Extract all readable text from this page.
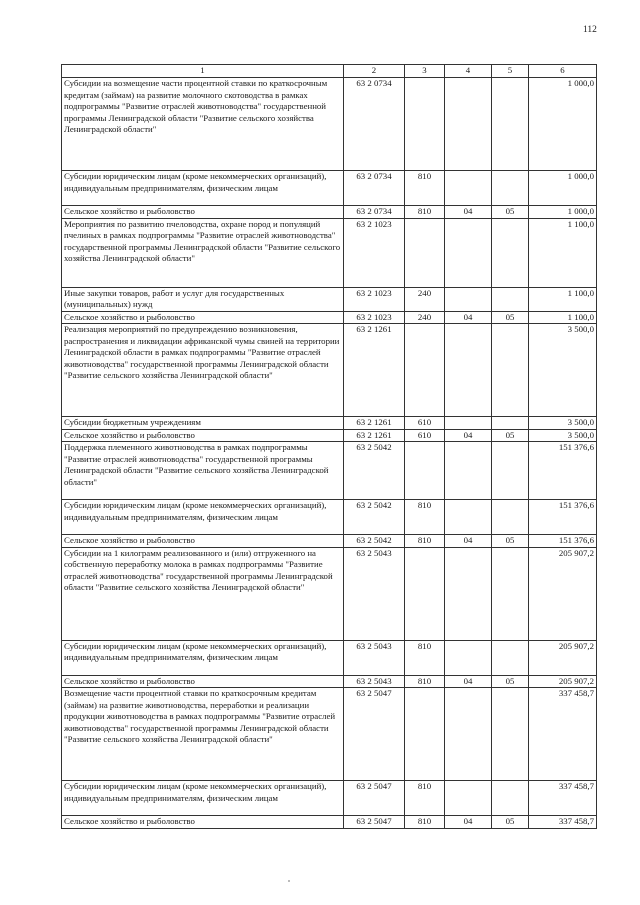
112
1	2	3	4	5	6
Субсидии на возмещение части процентной ставки по краткосрочным кредитам (займам) на развитие молочного скотоводства в рамках подпрограммы "Развитие отраслей животноводства" государственной программы Ленинградской области "Развитие сельского хозяйства Ленинградской области"	63 2 0734				1 000,0
Субсидии юридическим лицам (кроме некоммерческих организаций), индивидуальным предпринимателям, физическим лицам	63 2 0734	810			1 000,0
Сельское хозяйство и рыболовство	63 2 0734	810	04	05	1 000,0
Мероприятия по развитию пчеловодства, охране пород и популяций пчелиных в рамках подпрограммы "Развитие отраслей животноводства" государственной программы Ленинградской области "Развитие сельского хозяйства Ленинградской области"	63 2 1023				1 100,0
Иные закупки товаров, работ и услуг для государственных (муниципальных) нужд	63 2 1023	240			1 100,0
Сельское хозяйство и рыболовство	63 2 1023	240	04	05	1 100,0
Реализация мероприятий по предупреждению возникновения, распространения и ликвидации африканской чумы свиней на территории Ленинградской области в рамках подпрограммы "Развитие отраслей животноводства" государственной программы Ленинградской области "Развитие сельского хозяйства Ленинградской области"	63 2 1261				3 500,0
Субсидии бюджетным учреждениям	63 2 1261	610			3 500,0
Сельское хозяйство и рыболовство	63 2 1261	610	04	05	3 500,0
Поддержка племенного животноводства в рамках подпрограммы "Развитие отраслей животноводства" государственной программы Ленинградской области "Развитие сельского хозяйства Ленинградской области"	63 2 5042				151 376,6
Субсидии юридическим лицам (кроме некоммерческих организаций), индивидуальным предпринимателям, физическим лицам	63 2 5042	810			151 376,6
Сельское хозяйство и рыболовство	63 2 5042	810	04	05	151 376,6
Субсидии на 1 килограмм реализованного и (или) отгруженного на собственную переработку молока в рамках подпрограммы "Развитие отраслей животноводства" государственной программы Ленинградской области "Развитие сельского хозяйства Ленинградской области"	63 2 5043				205 907,2
Субсидии юридическим лицам (кроме некоммерческих организаций), индивидуальным предпринимателям, физическим лицам	63 2 5043	810			205 907,2
Сельское хозяйство и рыболовство	63 2 5043	810	04	05	205 907,2
Возмещение части процентной ставки по краткосрочным кредитам (займам) на развитие животноводства, переработки и реализации продукции животноводства в рамках подпрограммы "Развитие отраслей животноводства" государственной программы Ленинградской области "Развитие сельского хозяйства Ленинградской области"	63 2 5047				337 458,7
Субсидии юридическим лицам (кроме некоммерческих организаций), индивидуальным предпринимателям, физическим лицам	63 2 5047	810			337 458,7
Сельское хозяйство и рыболовство	63 2 5047	810	04	05	337 458,7
